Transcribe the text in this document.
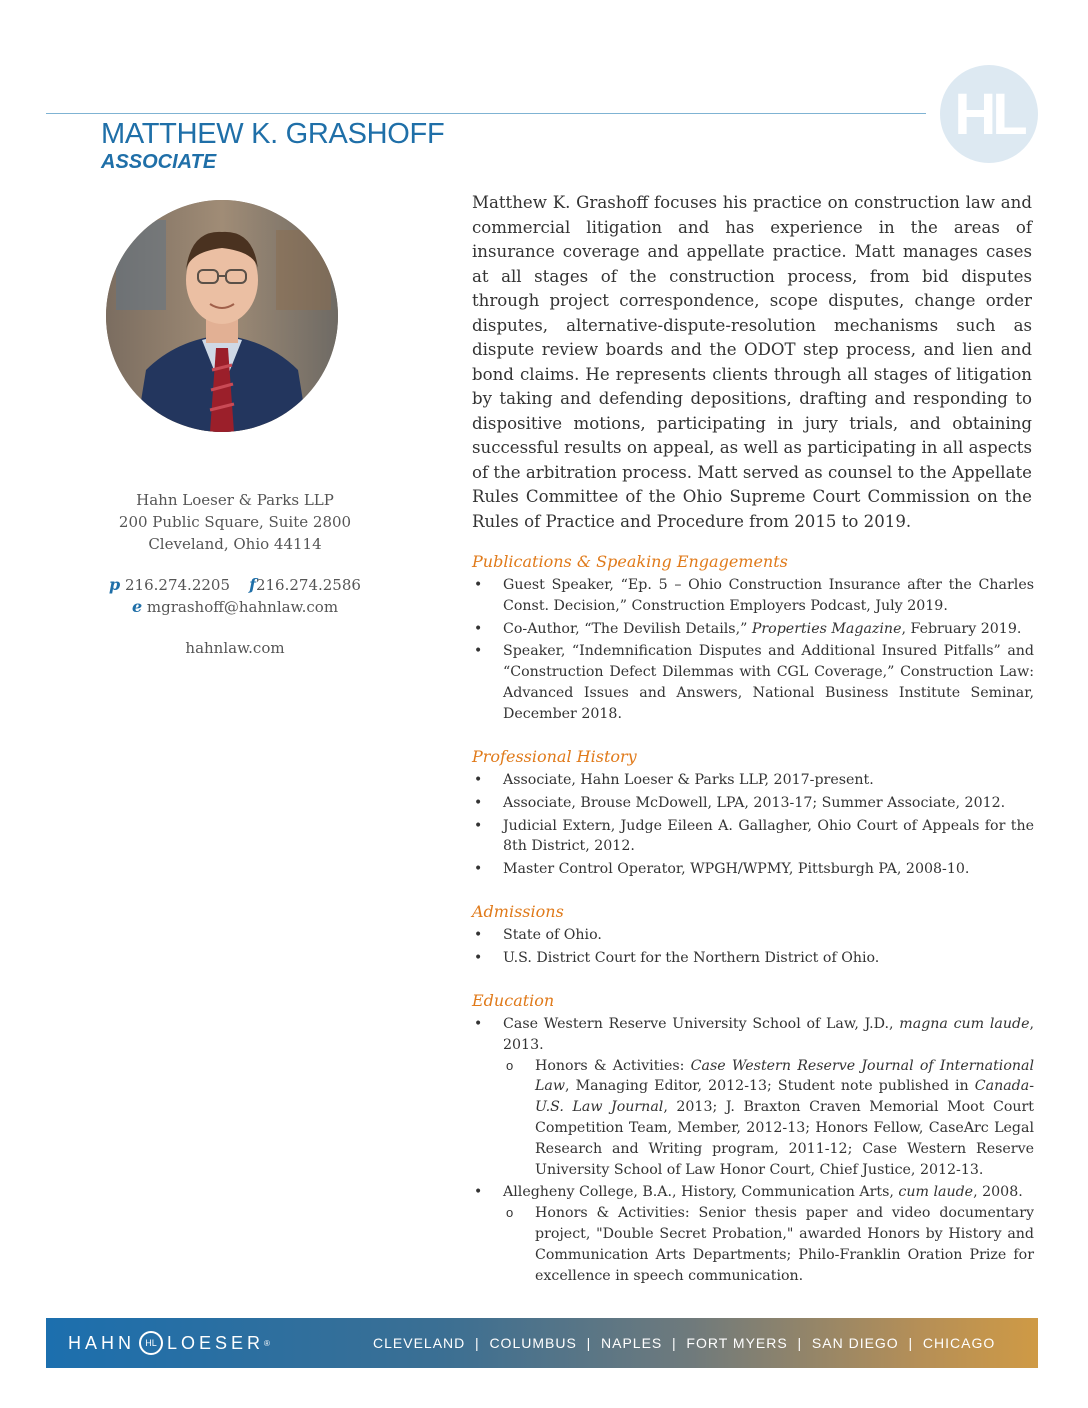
HL
MATTHEW K. GRASHOFF
ASSOCIATE
Hahn Loeser & Parks LLP
200 Public Square, Suite 2800
Cleveland, Ohio 44114
p 216.274.2205 f216.274.2586
e mgrashoff@hahnlaw.com
hahnlaw.com
Matthew K. Grashoff focuses his practice on construction law and commercial litigation and has experience in the areas of insurance coverage and appellate practice. Matt manages cases at all stages of the construction process, from bid disputes through project correspondence, scope disputes, change order disputes, alternative-dispute-resolution mechanisms such as dispute review boards and the ODOT step process, and lien and bond claims. He represents clients through all stages of litigation by taking and defending depositions, drafting and responding to dispositive motions, participating in jury trials, and obtaining successful results on appeal, as well as participating in all aspects of the arbitration process. Matt served as counsel to the Appellate Rules Committee of the Ohio Supreme Court Commission on the Rules of Practice and Procedure from 2015 to 2019.
Publications & Speaking Engagements
• Guest Speaker, “Ep. 5 – Ohio Construction Insurance after the Charles Const. Decision,” Construction Employers Podcast, July 2019.
• Co-Author, “The Devilish Details,” Properties Magazine, February 2019.
• Speaker, “Indemnification Disputes and Additional Insured Pitfalls” and “Construction Defect Dilemmas with CGL Coverage,” Construction Law: Advanced Issues and Answers, National Business Institute Seminar, December 2018.
Professional History
• Associate, Hahn Loeser & Parks LLP, 2017-present.
• Associate, Brouse McDowell, LPA, 2013-17; Summer Associate, 2012.
• Judicial Extern, Judge Eileen A. Gallagher, Ohio Court of Appeals for the 8th District, 2012.
• Master Control Operator, WPGH/WPMY, Pittsburgh PA, 2008-10.
Admissions
• State of Ohio.
• U.S. District Court for the Northern District of Ohio.
Education
• Case Western Reserve University School of Law, J.D., magna cum laude, 2013.
o Honors & Activities: Case Western Reserve Journal of International Law, Managing Editor, 2012-13; Student note published in Canada-U.S. Law Journal, 2013; J. Braxton Craven Memorial Moot Court Competition Team, Member, 2012-13; Honors Fellow, CaseArc Legal Research and Writing program, 2011-12; Case Western Reserve University School of Law Honor Court, Chief Justice, 2012-13.
• Allegheny College, B.A., History, Communication Arts, cum laude, 2008.
o Honors & Activities: Senior thesis paper and video documentary project, "Double Secret Probation," awarded Honors by History and Communication Arts Departments; Philo-Franklin Oration Prize for excellence in speech communication.
HAHN	HL LOESER ®	CLEVELAND  |  COLUMBUS  |  NAPLES  |  FORT MYERS  |  SAN DIEGO  |  CHICAGO
